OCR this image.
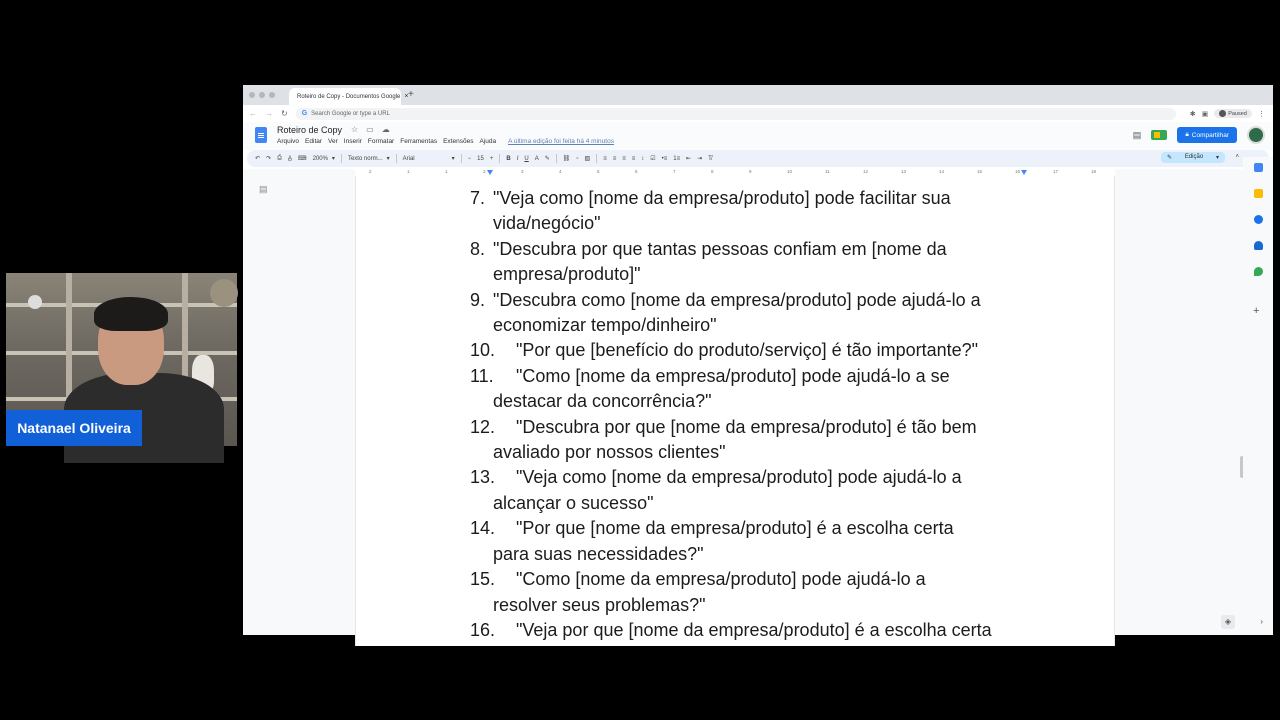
Natanael Oliveira
Roteiro de Copy - Documentos Google × +
← → ↻ G Search Google or type a URL	✱ ▣	Paused ⋮
Roteiro de Copy ☆ ▭ ☁
Arquivo Editar Ver Inserir Formatar Ferramentas Extensões Ajuda A última edição foi feita há 4 minutos
▤	🔒︎ Compartilhar
↶ ↷ ⎙ A̲ ⌨ 200% ▾ Texto norm... ▾ Arial	▾ − 15 + B I U A ✎ ⛓ ▫ ▨ ≡ ≡ ≡ ≡ ↕ ☑ •≡ 1≡ ⇤ ⇥ T̸	✎ Edição ▾	˄
2	1	1	2	3	4	5	6	7	8	9	10	11	12	13	14	15	16	17	18
▤	7. "Veja como [nome da empresa/produto] pode facilitar sua
vida/negócio"
8. "Descubra por que tantas pessoas confiam em [nome da
empresa/produto]"
9. "Descubra como [nome da empresa/produto] pode ajudá-lo a
economizar tempo/dinheiro"
10.	"Por que [benefício do produto/serviço] é tão importante?"
11.	"Como [nome da empresa/produto] pode ajudá-lo a se
destacar da concorrência?"
12.	"Descubra por que [nome da empresa/produto] é tão bem
avaliado por nossos clientes"
13.	"Veja como [nome da empresa/produto] pode ajudá-lo a
alcançar o sucesso"
14.	"Por que [nome da empresa/produto] é a escolha certa
para suas necessidades?"
15.	"Como [nome da empresa/produto] pode ajudá-lo a
resolver seus problemas?"
16.	"Veja por que [nome da empresa/produto] é a escolha certa
+
◈	›
